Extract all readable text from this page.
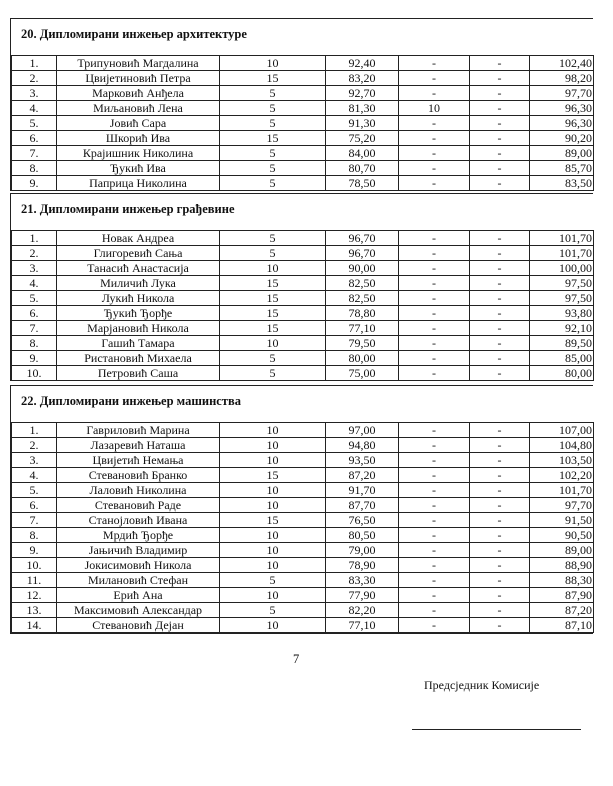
20. Дипломирани инжењер архитектуре
1.	Трипуновић Магдалина	10	92,40	-	-	102,40
2.	Цвијетиновић Петра	15	83,20	-	-	98,20
3.	Марковић Анђела	5	92,70	-	-	97,70
4.	Миљановић Лена	5	81,30	10	-	96,30
5.	Јовић Сара	5	91,30	-	-	96,30
6.	Шкорић Ива	15	75,20	-	-	90,20
7.	Крајишник Николина	5	84,00	-	-	89,00
8.	Ђукић Ива	5	80,70	-	-	85,70
9.	Паприца Николина	5	78,50	-	-	83,50
21. Дипломирани инжењер грађевине
1.	Новак Андреа	5	96,70	-	-	101,70
2.	Глигоревић Сања	5	96,70	-	-	101,70
3.	Танасић Анастасија	10	90,00	-	-	100,00
4.	Миличић Лука	15	82,50	-	-	97,50
5.	Лукић Никола	15	82,50	-	-	97,50
6.	Ђукић Ђорђе	15	78,80	-	-	93,80
7.	Марјановић Никола	15	77,10	-	-	92,10
8.	Гашић Тамара	10	79,50	-	-	89,50
9.	Ристановић Михаела	5	80,00	-	-	85,00
10.	Петровић Саша	5	75,00	-	-	80,00
22. Дипломирани инжењер машинства
1.	Гавриловић Марина	10	97,00	-	-	107,00
2.	Лазаревић Наташа	10	94,80	-	-	104,80
3.	Цвијетић Немања	10	93,50	-	-	103,50
4.	Стевановић Бранко	15	87,20	-	-	102,20
5.	Лаловић Николина	10	91,70	-	-	101,70
6.	Стевановић Раде	10	87,70	-	-	97,70
7.	Станојловић Ивана	15	76,50	-	-	91,50
8.	Мрдић Ђорђе	10	80,50	-	-	90,50
9.	Јањичић Владимир	10	79,00	-	-	89,00
10.	Јокисимовић Никола	10	78,90	-	-	88,90
11.	Милановић Стефан	5	83,30	-	-	88,30
12.	Ерић Ана	10	77,90	-	-	87,90
13.	Максимовић Александар	5	82,20	-	-	87,20
14.	Стевановић Дејан	10	77,10	-	-	87,10
7
Предсједник Комисије
